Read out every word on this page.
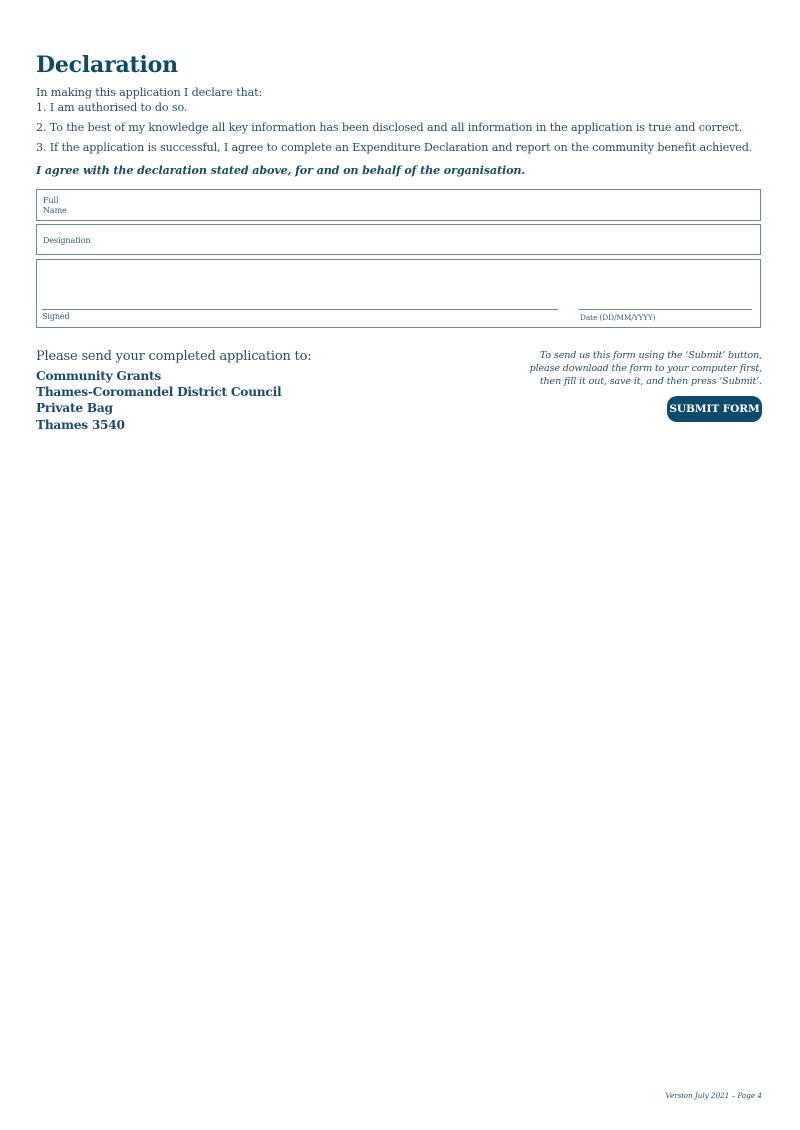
Declaration
In making this application I declare that:
1. I am authorised to do so.
2. To the best of my knowledge all key information has been disclosed and all information in the application is true and correct.
3. If the application is successful, I agree to complete an Expenditure Declaration and report on the community benefit achieved.
I agree with the declaration stated above, for and on behalf of the organisation.
Full
Name
Designation
Signed	Date (DD/MM/YYYY)
Please send your completed application to:
Community Grants
Thames-Coromandel District Council
Private Bag
Thames 3540
To send us this form using the ‘Submit’ button,
please download the form to your computer first,
then fill it out, save it, and then press ‘Submit’.
SUBMIT FORM
Version July 2021 – Page 4
